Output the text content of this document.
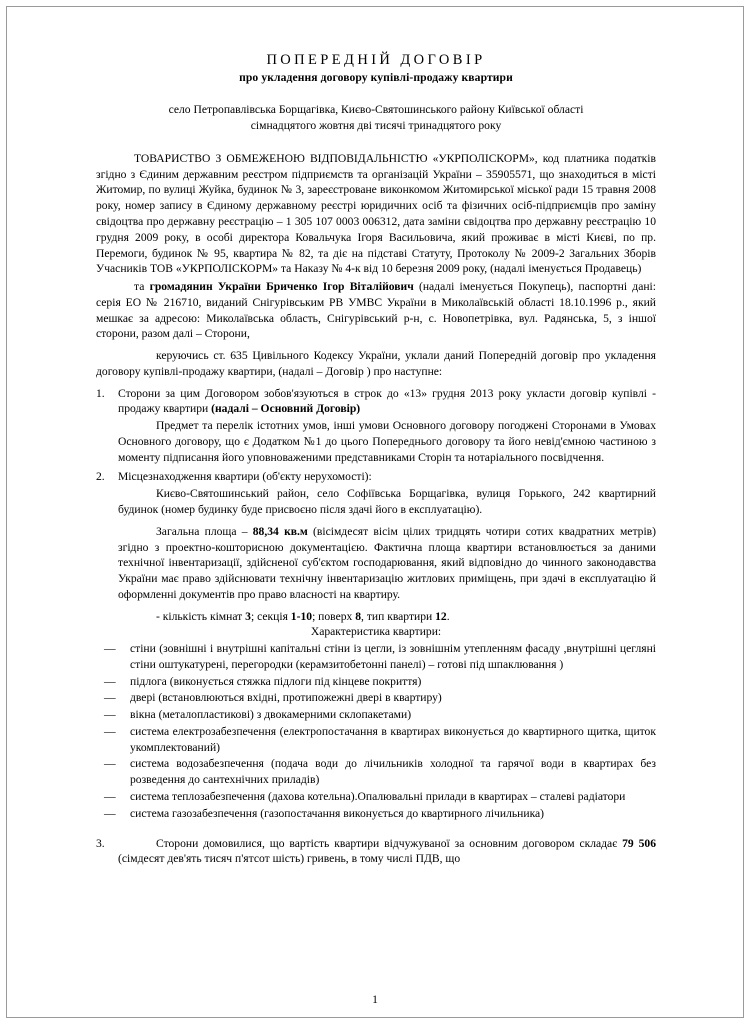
ПОПЕРЕДНІЙ ДОГОВІР
про укладення договору купівлі-продажу квартири
село Петропавлівська Борщагівка, Києво-Святошинського району Київської області
сімнадцятого жовтня дві тисячі тринадцятого року

ТОВАРИСТВО З ОБМЕЖЕНОЮ ВІДПОВІДАЛЬНІСТЮ «УКРПОЛІСКОРМ», код платника податків згідно з Єдиним державним реєстром підприємств та організацій України – 35905571, що знаходиться в місті Житомир, по вулиці Жуйка, будинок № 3, зареєстроване виконкомом Житомирської міської ради 15 травня 2008 року, номер запису в Єдиному державному реєстрі юридичних осіб та фізичних осіб-підприємців про заміну свідоцтва про державну реєстрацію – 1 305 107 0003 006312, дата заміни свідоцтва про державну реєстрацію 10 грудня 2009 року, в особі директора Ковальчука Ігоря Васильовича, який проживає в місті Києві, по пр. Перемоги, будинок № 95, квартира № 82, та діє на підставі Статуту, Протоколу № 2009-2 Загальних Зборів Учасників ТОВ «УКРПОЛІСКОРМ» та Наказу № 4-к від 10 березня 2009 року, (надалі іменується Продавець)

та громадянин України Бриченко Ігор Віталійович (надалі іменується Покупець), паспортні дані: серія ЕО № 216710, виданий Снігурівським РВ УМВС України в Миколаївській області 18.10.1996 р., який мешкає за адресою: Миколаївська область, Снігурівський р-н, с. Новопетрівка, вул. Радянська, 5, з іншої сторони, разом далі – Сторони,

керуючись ст. 635 Цивільного Кодексу України, уклали даний Попередній договір про укладення договору купівлі-продажу квартири, (надалі – Договір ) про наступне:

1. Сторони за цим Договором зобов'язуються в строк до «13» грудня 2013 року укласти договір купівлі - продажу квартири (надалі – Основний Договір)

Предмет та перелік істотних умов, інші умови Основного договору погоджені Сторонами в Умовах Основного договору, що є Додатком №1 до цього Попереднього договору та його невід'ємною частиною з моменту підписання його уповноваженими представниками Сторін та нотаріального посвідчення.

2. Місцезнаходження квартири (об'єкту нерухомості):

Києво-Святошинський район, село Софіївська Борщагівка, вулиця Горького, 242 квартирний будинок (номер будинку буде присвоєно після здачі його в експлуатацію).

Загальна площа – 88,34 кв.м (вісімдесят вісім цілих тридцять чотири сотих квадратних метрів) згідно з проектно-кошторисною документацією. Фактична площа квартири встановлюється за даними технічної інвентаризації, здійсненої суб'єктом господарювання, який відповідно до чинного законодавства України має право здійснювати технічну інвентаризацію житлових приміщень, при здачі в експлуатацію й оформленні документів про право власності на квартиру.

- кількість кімнат 3; секція 1-10; поверх 8, тип квартири 12.

Характеристика квартири:
— стіни (зовнішні і внутрішні капітальні стіни із цегли, із зовнішнім утепленням фасаду ,внутрішні цегляні стіни оштукатурені, перегородки (керамзитобетонні панелі) – готові під шпаклювання )
— підлога (виконується стяжка підлоги під кінцеве покриття)
— двері (встановлюються вхідні, протипожежні двері в квартиру)
— вікна (металопластикові) з двокамерними склопакетами)
— система електрозабезпечення (електропостачання в квартирах виконується до квартирного щитка, щиток укомплектований)
— система водозабезпечення (подача води до лічильників холодної та гарячої води в квартирах без розведення до сантехнічних приладів)
— система теплозабезпечення (дахова котельна).Опалювальні прилади в квартирах – сталеві радіатори
— система газозабезпечення (газопостачання виконується до квартирного лічильника)
3.	Сторони домовилися, що вартість квартири відчужуваної за основним договором складає 79 506 (сімдесят дев'ять тисяч п'ятсот шість) гривень, в тому числі ПДВ, що
1
